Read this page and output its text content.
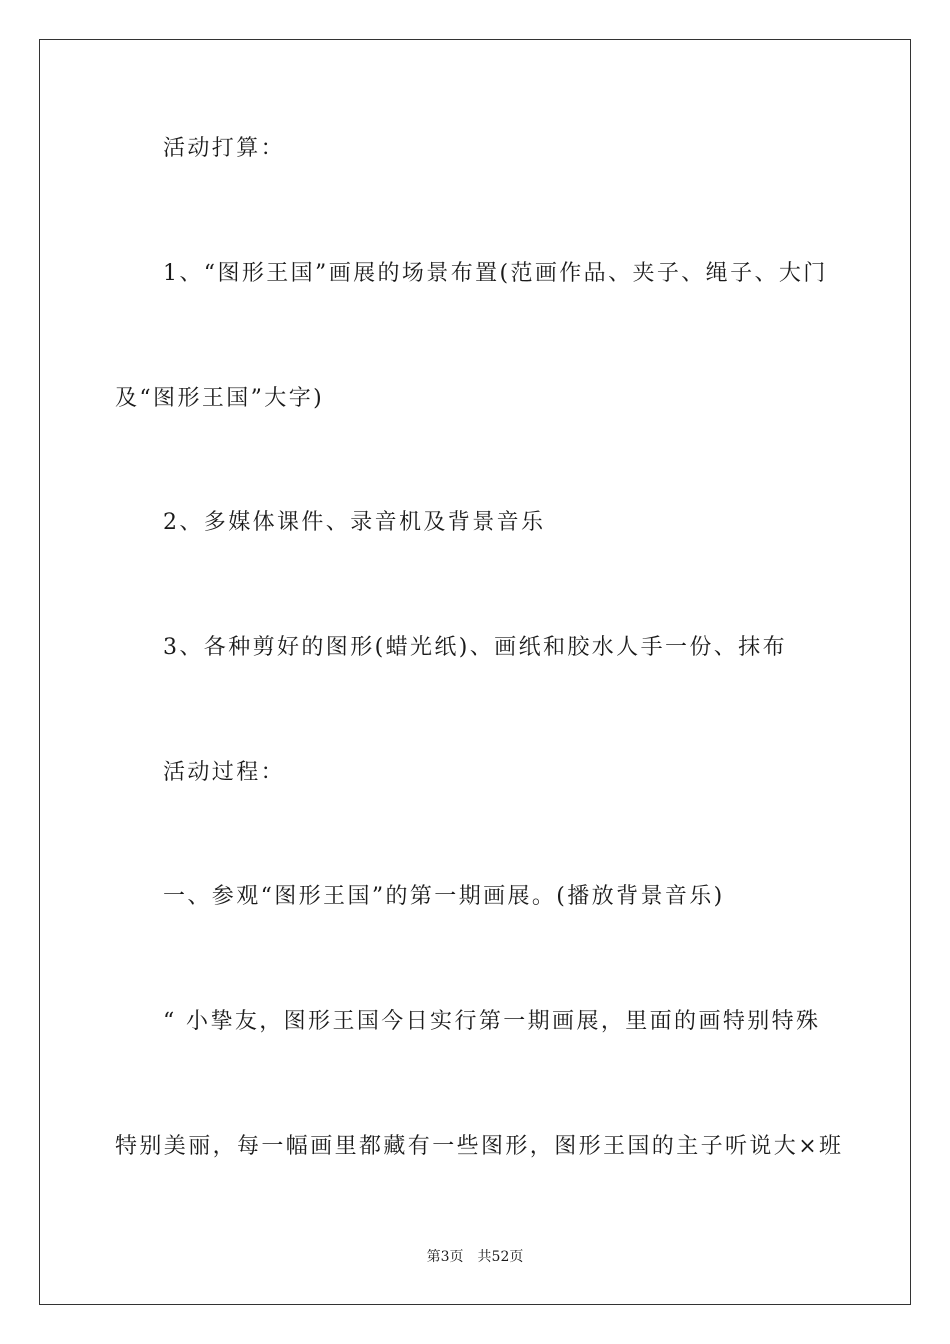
活动打算：

1、“图形王国”画展的场景布置(范画作品、夹子、绳子、大门

及“图形王国”大字)

2、多媒体课件、录音机及背景音乐

3、各种剪好的图形(蜡光纸)、画纸和胶水人手一份、抹布

活动过程：

一、参观“图形王国”的第一期画展。(播放背景音乐)

“ 小挚友，图形王国今日实行第一期画展，里面的画特别特殊

特别美丽，每一幅画里都藏有一些图形，图形王国的主子听说大×班

第3页 共52页
